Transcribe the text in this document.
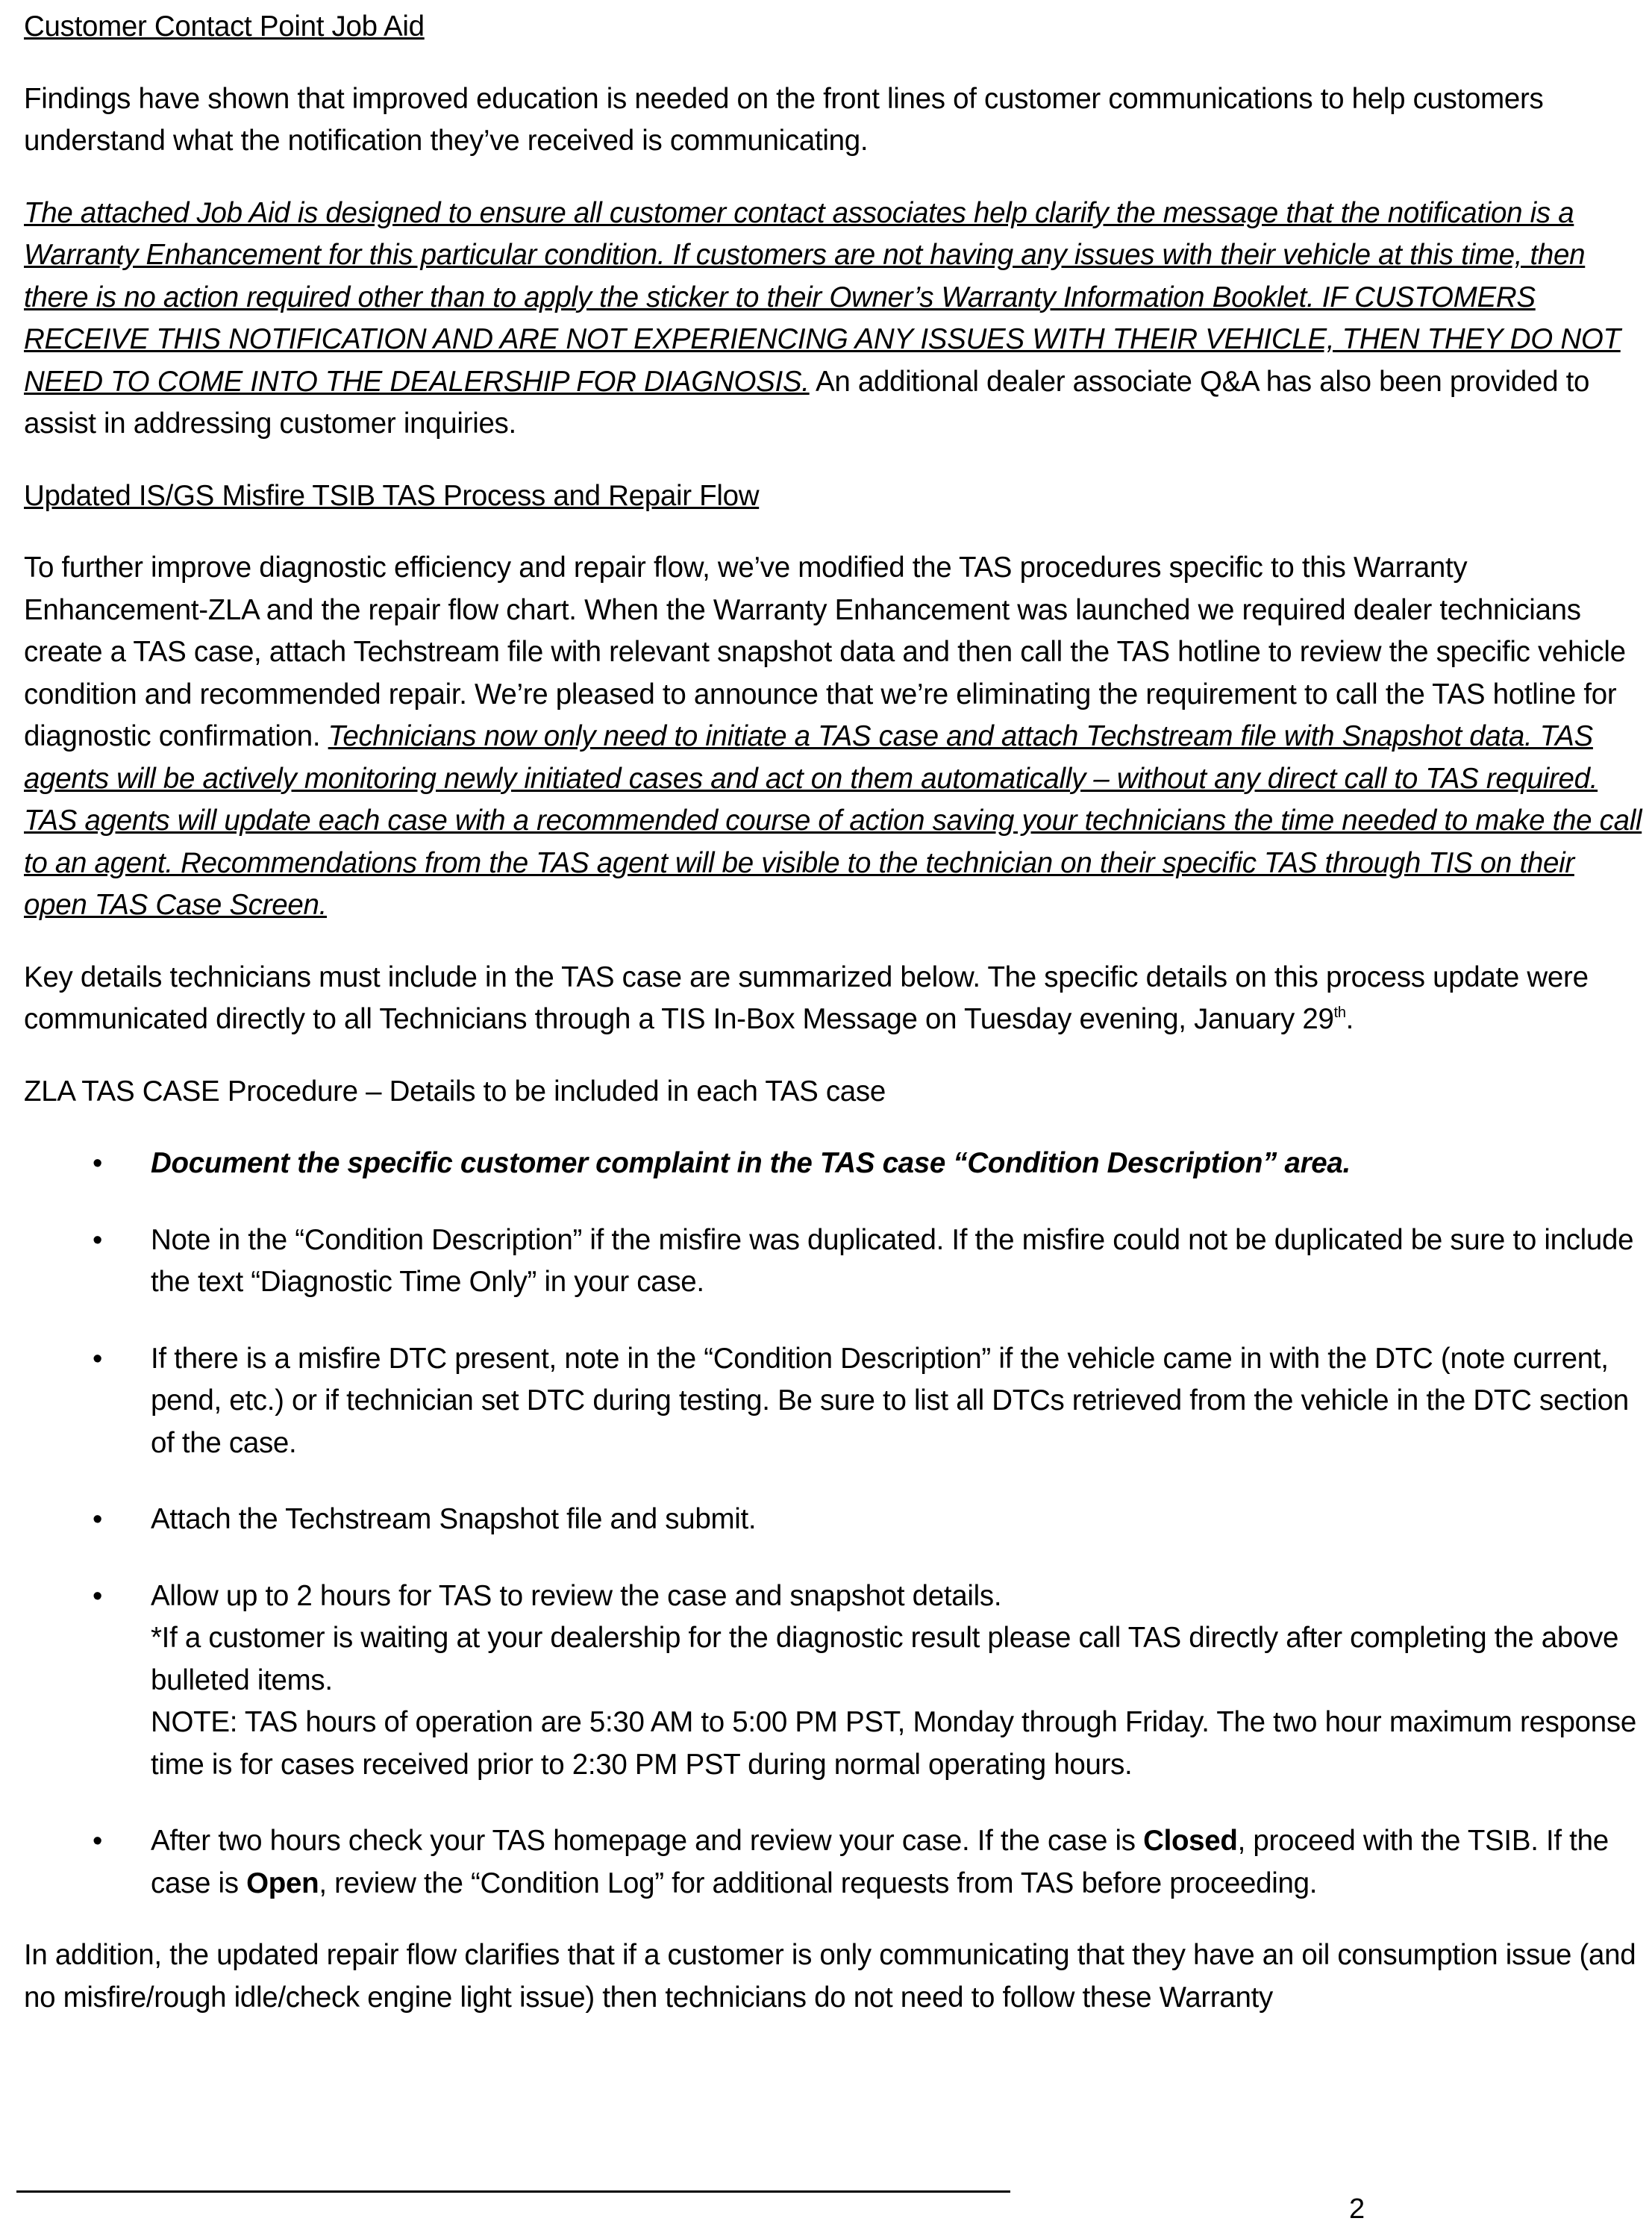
Customer Contact Point Job Aid

Findings have shown that improved education is needed on the front lines of customer communications to help customers understand what the notification they’ve received is communicating.

The attached Job Aid is designed to ensure all customer contact associates help clarify the message that the notification is a Warranty Enhancement for this particular condition. If customers are not having any issues with their vehicle at this time, then there is no action required other than to apply the sticker to their Owner’s Warranty Information Booklet. IF CUSTOMERS RECEIVE THIS NOTIFICATION AND ARE NOT EXPERIENCING ANY ISSUES WITH THEIR VEHICLE, THEN THEY DO NOT NEED TO COME INTO THE DEALERSHIP FOR DIAGNOSIS. An additional dealer associate Q&A has also been provided to assist in addressing customer inquiries.

Updated IS/GS Misfire TSIB TAS Process and Repair Flow

To further improve diagnostic efficiency and repair flow, we’ve modified the TAS procedures specific to this Warranty Enhancement-ZLA and the repair flow chart. When the Warranty Enhancement was launched we required dealer technicians create a TAS case, attach Techstream file with relevant snapshot data and then call the TAS hotline to review the specific vehicle condition and recommended repair. We’re pleased to announce that we’re eliminating the requirement to call the TAS hotline for diagnostic confirmation. Technicians now only need to initiate a TAS case and attach Techstream file with Snapshot data. TAS agents will be actively monitoring newly initiated cases and act on them automatically – without any direct call to TAS required. TAS agents will update each case with a recommended course of action saving your technicians the time needed to make the call to an agent. Recommendations from the TAS agent will be visible to the technician on their specific TAS through TIS on their open TAS Case Screen.

Key details technicians must include in the TAS case are summarized below. The specific details on this process update were communicated directly to all Technicians through a TIS In-Box Message on Tuesday evening, January 29th.

ZLA TAS CASE Procedure – Details to be included in each TAS case

• Document the specific customer complaint in the TAS case “Condition Description” area.
• Note in the “Condition Description” if the misfire was duplicated. If the misfire could not be duplicated be sure to include the text “Diagnostic Time Only” in your case.
• If there is a misfire DTC present, note in the “Condition Description” if the vehicle came in with the DTC (note current, pend, etc.) or if technician set DTC during testing. Be sure to list all DTCs retrieved from the vehicle in the DTC section of the case.
• Attach the Techstream Snapshot file and submit.
• Allow up to 2 hours for TAS to review the case and snapshot details.
*If a customer is waiting at your dealership for the diagnostic result please call TAS directly after completing the above bulleted items.
NOTE: TAS hours of operation are 5:30 AM to 5:00 PM PST, Monday through Friday. The two hour maximum response time is for cases received prior to 2:30 PM PST during normal operating hours.
• After two hours check your TAS homepage and review your case. If the case is Closed, proceed with the TSIB. If the case is Open, review the “Condition Log” for additional requests from TAS before proceeding.

In addition, the updated repair flow clarifies that if a customer is only communicating that they have an oil consumption issue (and no misfire/rough idle/check engine light issue) then technicians do not need to follow these Warranty

2
